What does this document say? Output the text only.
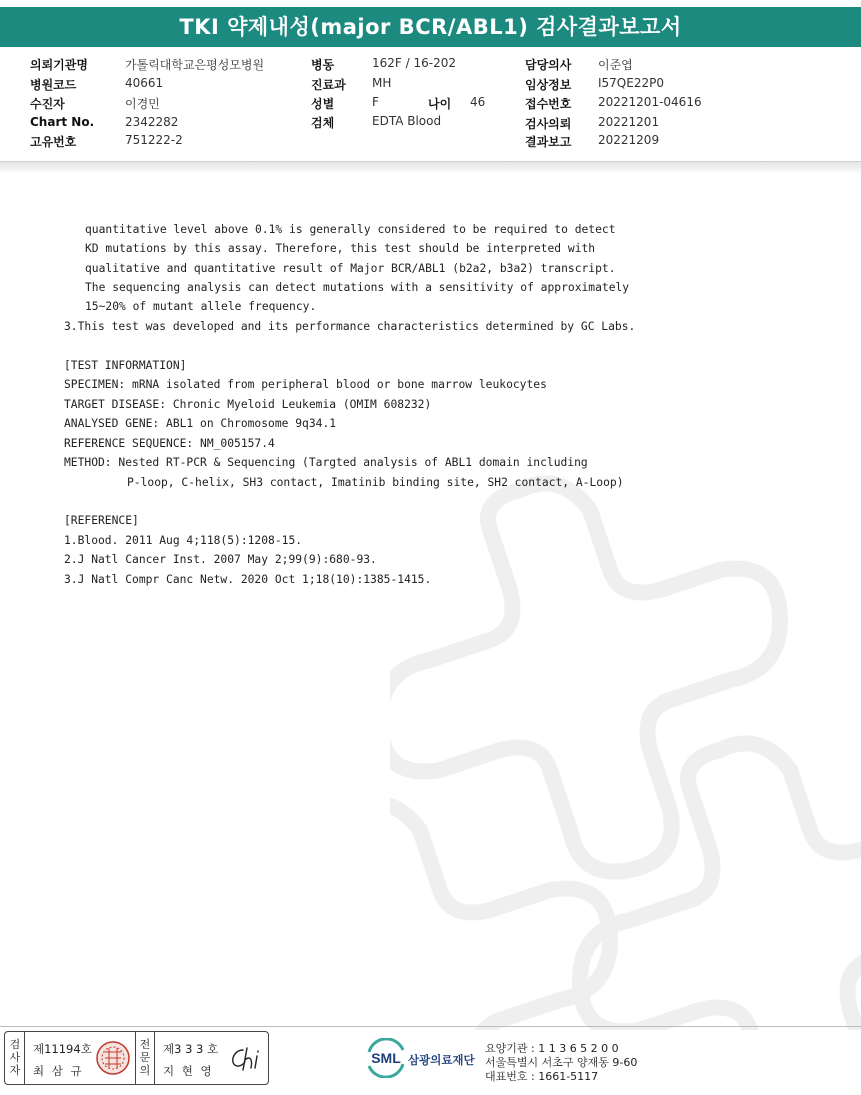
TKI 약제내성(major BCR/ABL1) 검사결과보고서
의뢰기관명	가톨릭대학교은평성모병원
병원코드	40661
수진자	이경민
Chart No.	2342282
고유번호	751222-2
병동	162F / 16-202
진료과 MH
성별	F	나이 46
검체	EDTA Blood
담당의사 이준엽
임상정보 I57QE22P0
접수번호 20221201-04616
검사의뢰 20221201
결과보고 20221209

quantitative level above 0.1% is generally considered to be required to detect

KD mutations by this assay. Therefore, this test should be interpreted with

qualitative and quantitative result of Major BCR/ABL1 (b2a2, b3a2) transcript.

The sequencing analysis can detect mutations with a sensitivity of approximately

15~20% of mutant allele frequency.

3.This test was developed and its performance characteristics determined by GC Labs.

[TEST INFORMATION]

SPECIMEN: mRNA isolated from peripheral blood or bone marrow leukocytes

TARGET DISEASE: Chronic Myeloid Leukemia (OMIM 608232)

ANALYSED GENE: ABL1 on Chromosome 9q34.1

REFERENCE SEQUENCE: NM_005157.4

METHOD: Nested RT-PCR & Sequencing (Targted analysis of ABL1 domain including

P-loop, C-helix, SH3 contact, Imatinib binding site, SH2 contact, A-Loop)

[REFERENCE]

1.Blood. 2011 Aug 4;118(5):1208-15.

2.J Natl Cancer Inst. 2007 May 2;99(9):680-93.

3.J Natl Compr Canc Netw. 2020 Oct 1;18(10):1385-1415.

검
사
자
제11194호
최 삼 규
전
문
의
제3 3 3 호
지 현 영
SML 삼광의료재단
요양기관 : 1 1 3 6 5 2 0 0
서울특별시 서초구 양재동 9-60
대표번호 : 1661-5117
